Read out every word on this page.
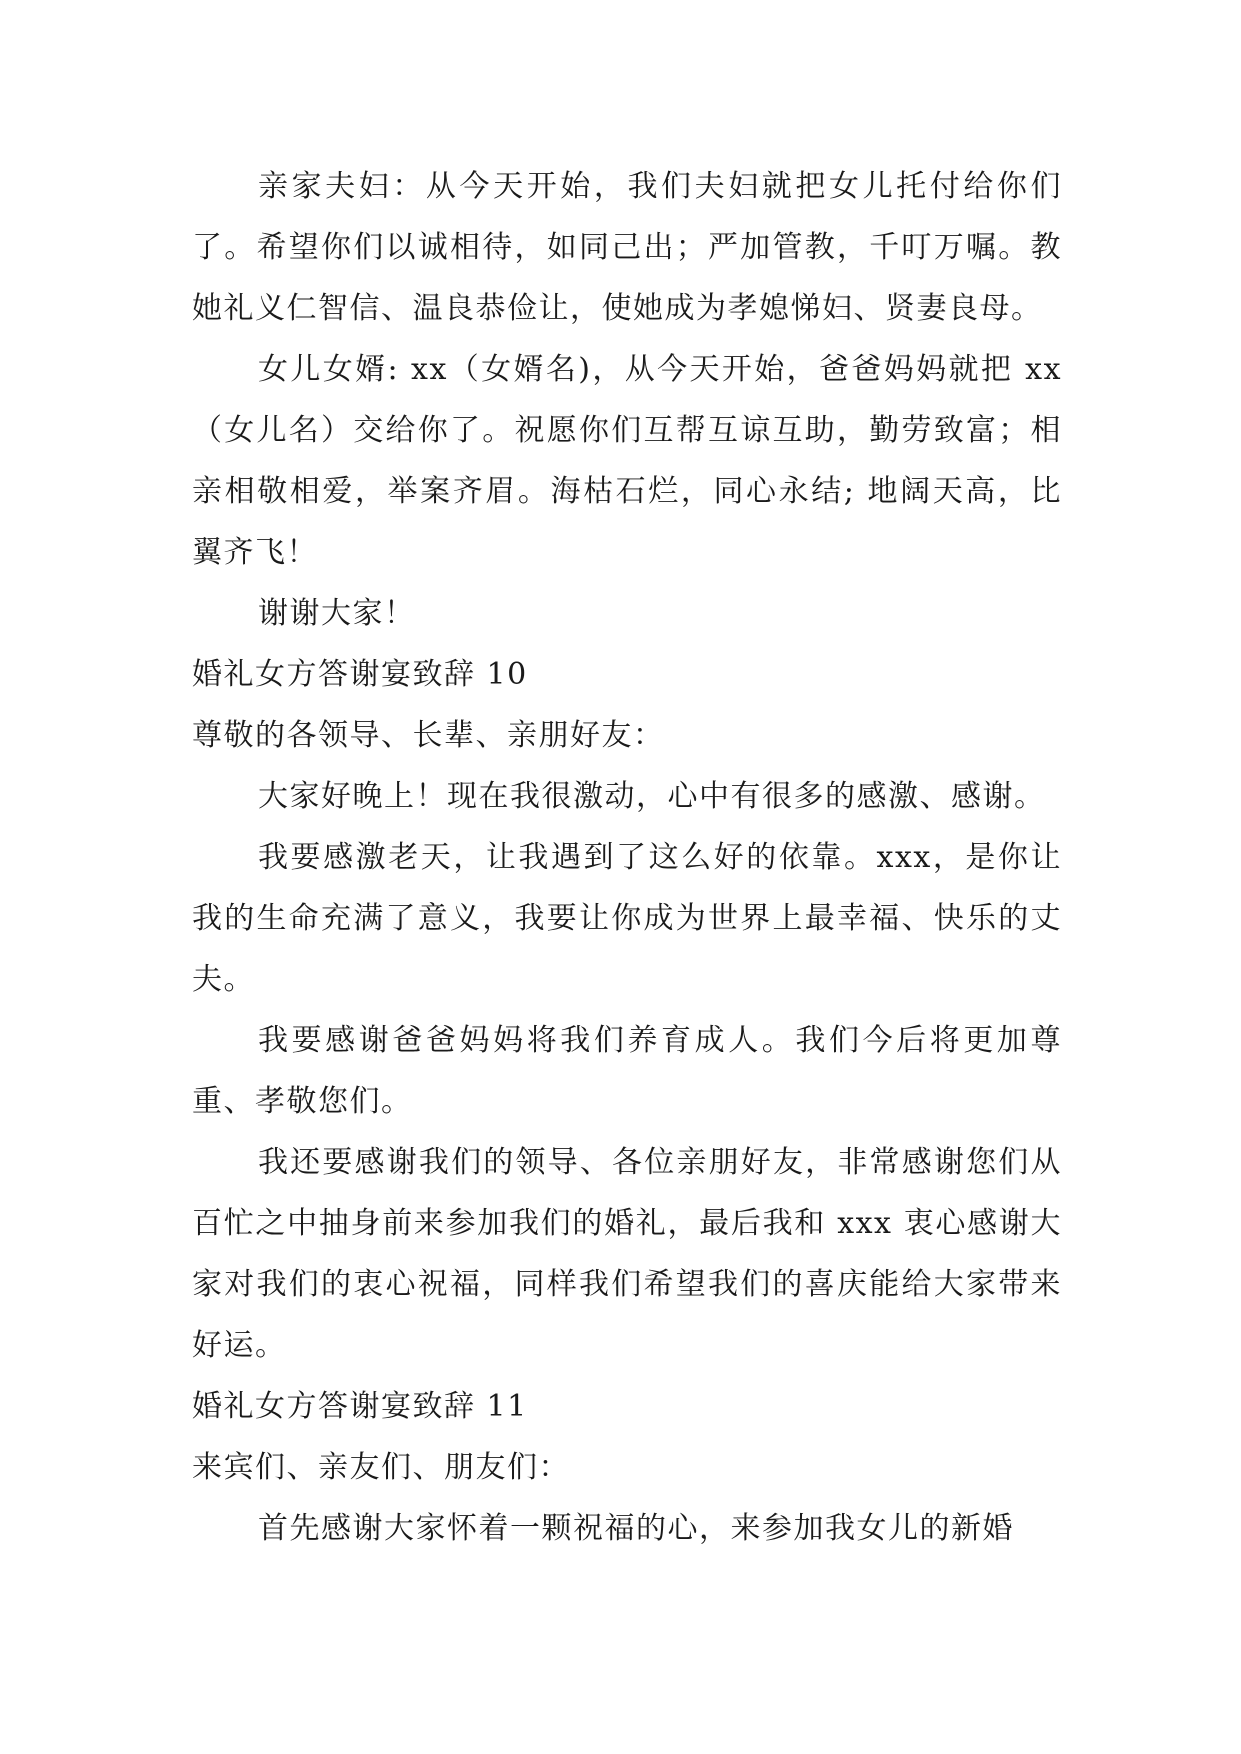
亲家夫妇：从今天开始，我们夫妇就把女儿托付给你们了。希望你们以诚相待，如同己出；严加管教，千叮万嘱。教她礼义仁智信、温良恭俭让，使她成为孝媳悌妇、贤妻良母。

女儿女婿: xx（女婿名)，从今天开始，爸爸妈妈就把 xx（女儿名）交给你了。祝愿你们互帮互谅互助，勤劳致富；相亲相敬相爱，举案齐眉。海枯石烂，同心永结; 地阔天高，比翼齐飞！

谢谢大家！

婚礼女方答谢宴致辞 10

尊敬的各领导、长辈、亲朋好友：

大家好晚上！现在我很激动，心中有很多的感激、感谢。

我要感激老天，让我遇到了这么好的依靠。xxx，是你让我的生命充满了意义，我要让你成为世界上最幸福、快乐的丈夫。

我要感谢爸爸妈妈将我们养育成人。我们今后将更加尊重、孝敬您们。

我还要感谢我们的领导、各位亲朋好友，非常感谢您们从百忙之中抽身前来参加我们的婚礼，最后我和 xxx 衷心感谢大家对我们的衷心祝福，同样我们希望我们的喜庆能给大家带来好运。

婚礼女方答谢宴致辞 11

来宾们、亲友们、朋友们：

首先感谢大家怀着一颗祝福的心，来参加我女儿的新婚
